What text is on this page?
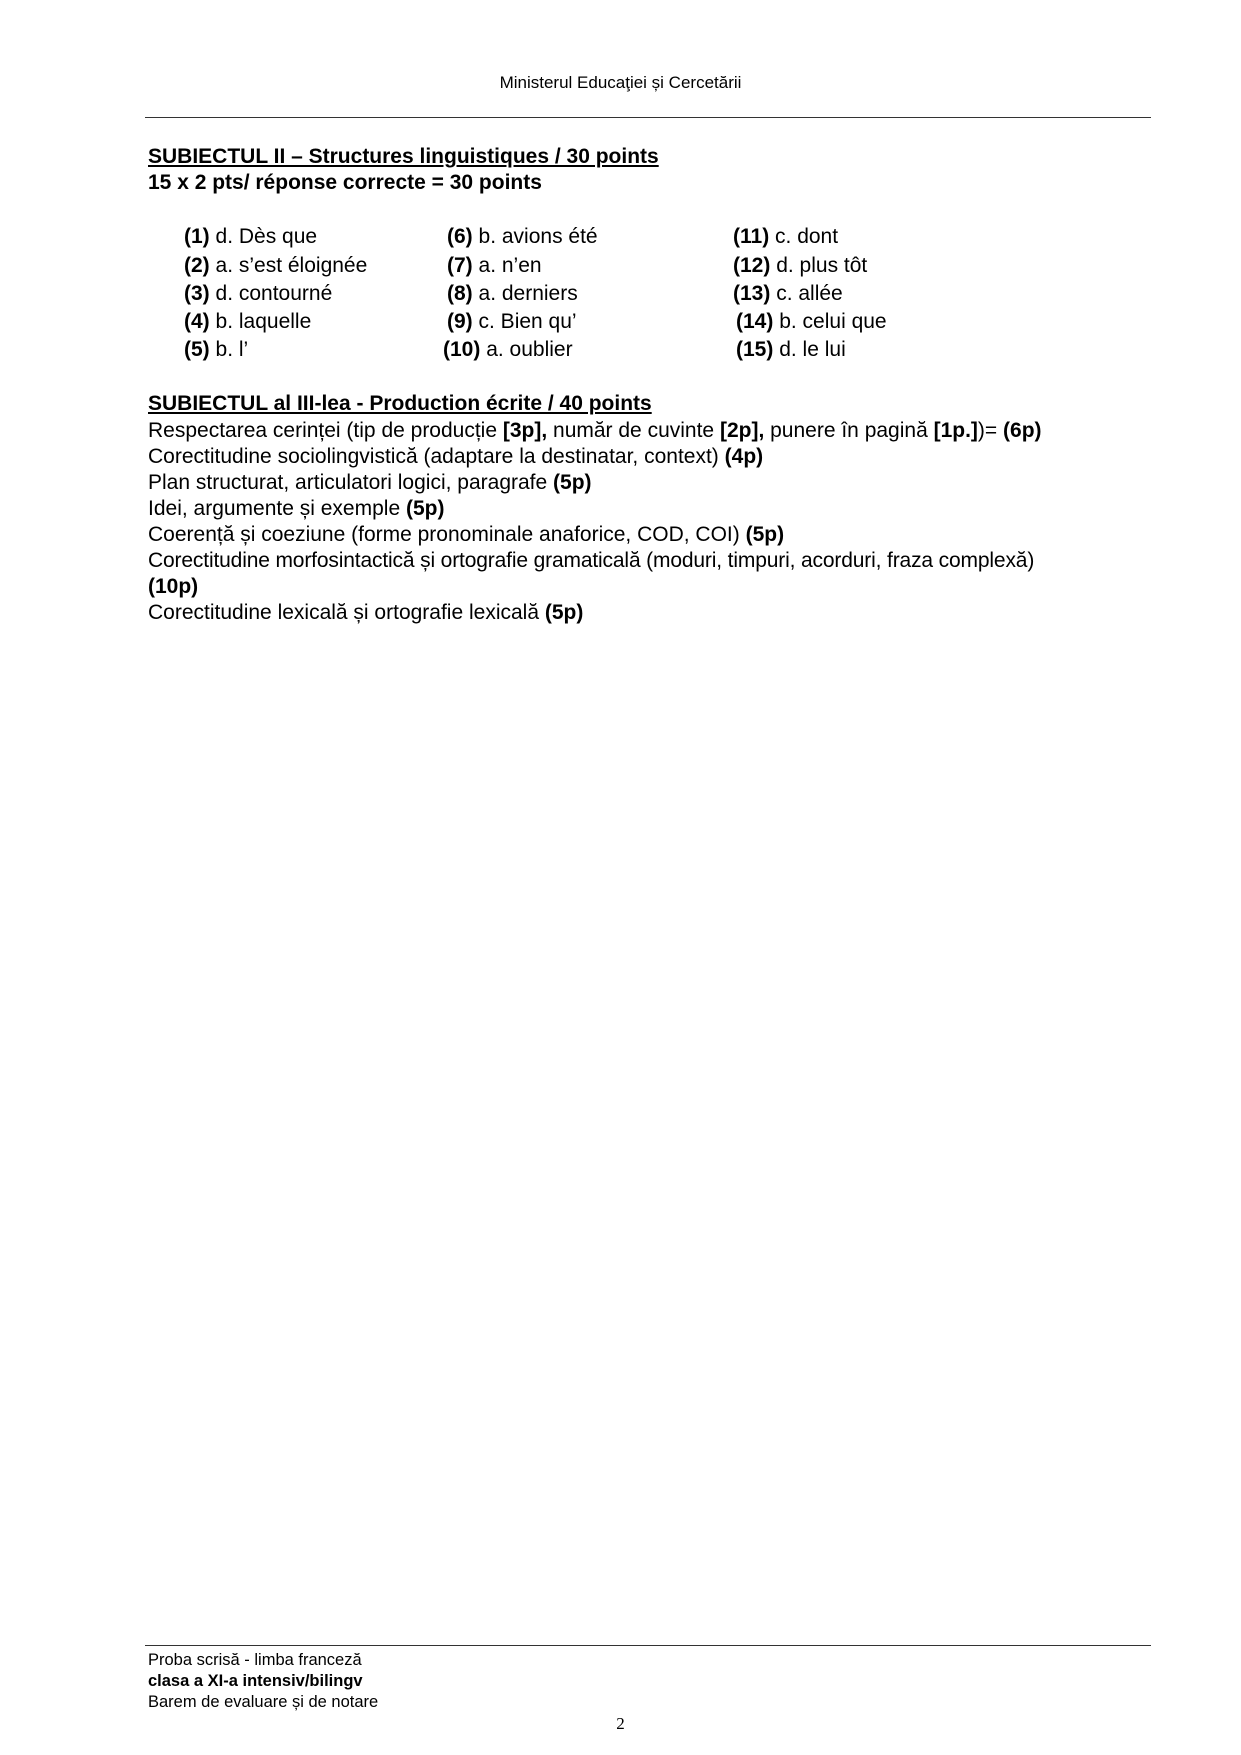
Ministerul Educaţiei și Cercetării
SUBIECTUL II – Structures linguistiques / 30 points
15 x 2 pts/ réponse correcte = 30 points
(1) d. Dès que
(2) a. s’est éloignée
(3) d. contourné
(4) b. laquelle
(5) b. l’
(6) b. avions été
(7) a. n’en
(8) a. derniers
(9) c. Bien qu’
(10) a. oublier
(11) c. dont
(12) d. plus tôt
(13) c. allée
(14) b. celui que
(15) d. le lui
SUBIECTUL al III-lea - Production écrite / 40 points
Respectarea cerinței (tip de producție [3p], număr de cuvinte [2p], punere în pagină [1p.])= (6p)
Corectitudine sociolingvistică (adaptare la destinatar, context) (4p)
Plan structurat, articulatori logici, paragrafe (5p)
Idei, argumente și exemple (5p)
Coerență și coeziune (forme pronominale anaforice, COD, COI) (5p)
Corectitudine morfosintactică și ortografie gramaticală (moduri, timpuri, acorduri, fraza complexă)
(10p)
Corectitudine lexicală și ortografie lexicală (5p)
Proba scrisă - limba franceză
clasa a XI-a intensiv/bilingv
Barem de evaluare și de notare
2
